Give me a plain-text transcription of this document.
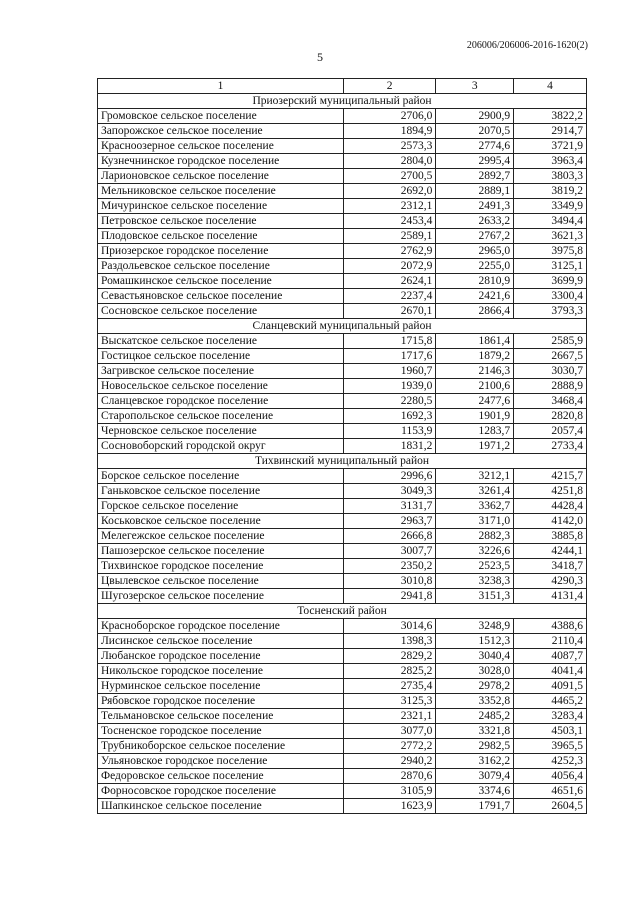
206006/206006-2016-1620(2)
5
1	2	3	4
Приозерский муниципальный район			
Громовское сельское поселение	2706,0	2900,9	3822,2
Запорожское сельское поселение	1894,9	2070,5	2914,7
Красноозерное сельское поселение	2573,3	2774,6	3721,9
Кузнечнинское городское поселение	2804,0	2995,4	3963,4
Ларионовское сельское поселение	2700,5	2892,7	3803,3
Мельниковское сельское поселение	2692,0	2889,1	3819,2
Мичуринское сельское поселение	2312,1	2491,3	3349,9
Петровское сельское поселение	2453,4	2633,2	3494,4
Плодовское сельское поселение	2589,1	2767,2	3621,3
Приозерское городское поселение	2762,9	2965,0	3975,8
Раздольевское сельское поселение	2072,9	2255,0	3125,1
Ромашкинское сельское поселение	2624,1	2810,9	3699,9
Севастьяновское сельское поселение	2237,4	2421,6	3300,4
Сосновское сельское поселение	2670,1	2866,4	3793,3
Сланцевский муниципальный район			
Выскатское сельское поселение	1715,8	1861,4	2585,9
Гостицкое сельское поселение	1717,6	1879,2	2667,5
Загривское сельское поселение	1960,7	2146,3	3030,7
Новосельское сельское поселение	1939,0	2100,6	2888,9
Сланцевское городское поселение	2280,5	2477,6	3468,4
Старопольское сельское поселение	1692,3	1901,9	2820,8
Черновское сельское поселение	1153,9	1283,7	2057,4
Сосновоборский городской округ	1831,2	1971,2	2733,4
Тихвинский муниципальный район			
Борское сельское поселение	2996,6	3212,1	4215,7
Ганьковское сельское поселение	3049,3	3261,4	4251,8
Горское сельское поселение	3131,7	3362,7	4428,4
Коськовское сельское поселение	2963,7	3171,0	4142,0
Мелегежское сельское поселение	2666,8	2882,3	3885,8
Пашозерское сельское поселение	3007,7	3226,6	4244,1
Тихвинское городское поселение	2350,2	2523,5	3418,7
Цвылевское сельское поселение	3010,8	3238,3	4290,3
Шугозерское сельское поселение	2941,8	3151,3	4131,4
Тосненский район			
Красноборское городское поселение	3014,6	3248,9	4388,6
Лисинское сельское поселение	1398,3	1512,3	2110,4
Любанское городское поселение	2829,2	3040,4	4087,7
Никольское городское поселение	2825,2	3028,0	4041,4
Нурминское сельское поселение	2735,4	2978,2	4091,5
Рябовское городское поселение	3125,3	3352,8	4465,2
Тельмановское сельское поселение	2321,1	2485,2	3283,4
Тосненское городское поселение	3077,0	3321,8	4503,1
Трубникоборское сельское поселение	2772,2	2982,5	3965,5
Ульяновское городское поселение	2940,2	3162,2	4252,3
Федоровское сельское поселение	2870,6	3079,4	4056,4
Форносовское городское поселение	3105,9	3374,6	4651,6
Шапкинское сельское поселение	1623,9	1791,7	2604,5
